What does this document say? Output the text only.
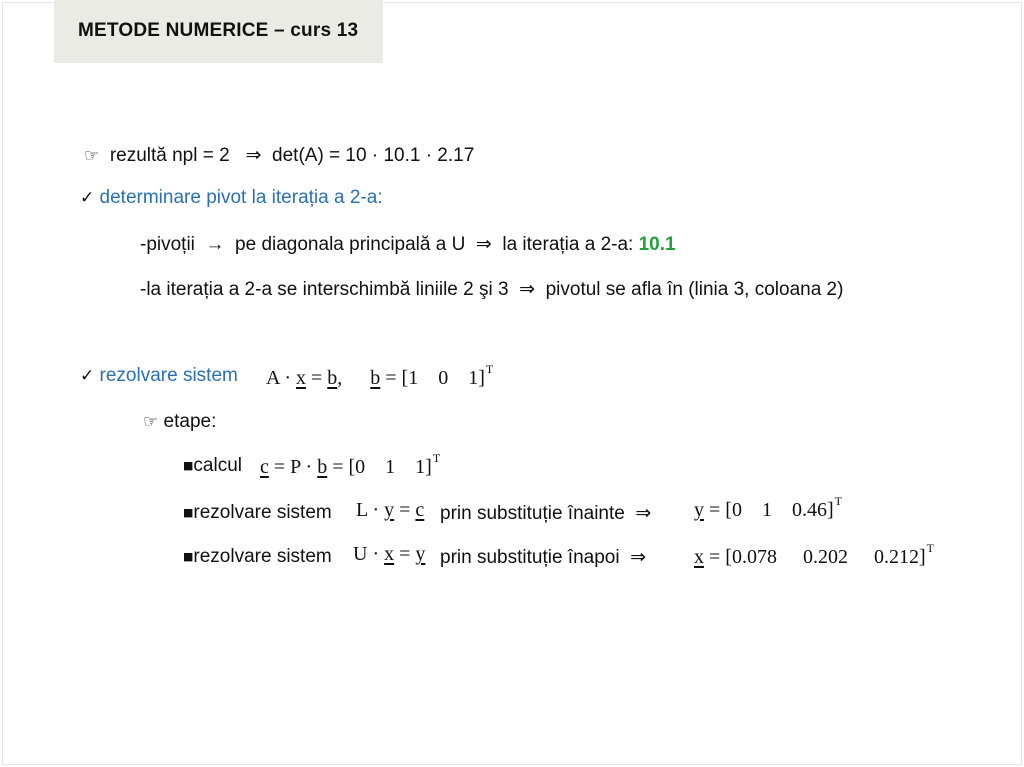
METODE NUMERICE – curs 13
☞ rezultă npl = 2 ⇒ det(A) = 10 · 10.1 · 2.17
✓ determinare pivot la iterația a 2-a:
-pivoții → pe diagonala principală a U ⇒ la iterația a 2-a: 10.1
-la iterația a 2-a se interschimbă liniile 2 şi 3 ⇒ pivotul se afla în (linia 3, coloana 2)
✓ rezolvare sistem A · x = b, b = [1 0 1]$^T$
☞ etape:
■calcul c = P · b = [0 1 1]$^T$
■rezolvare sistem L · y = c prin substituție înainte ⇒ y = [0 1 0.46]$^T$
■rezolvare sistem U · x = y prin substituție înapoi ⇒ x = [0.078 0.202 0.212]$^T$
